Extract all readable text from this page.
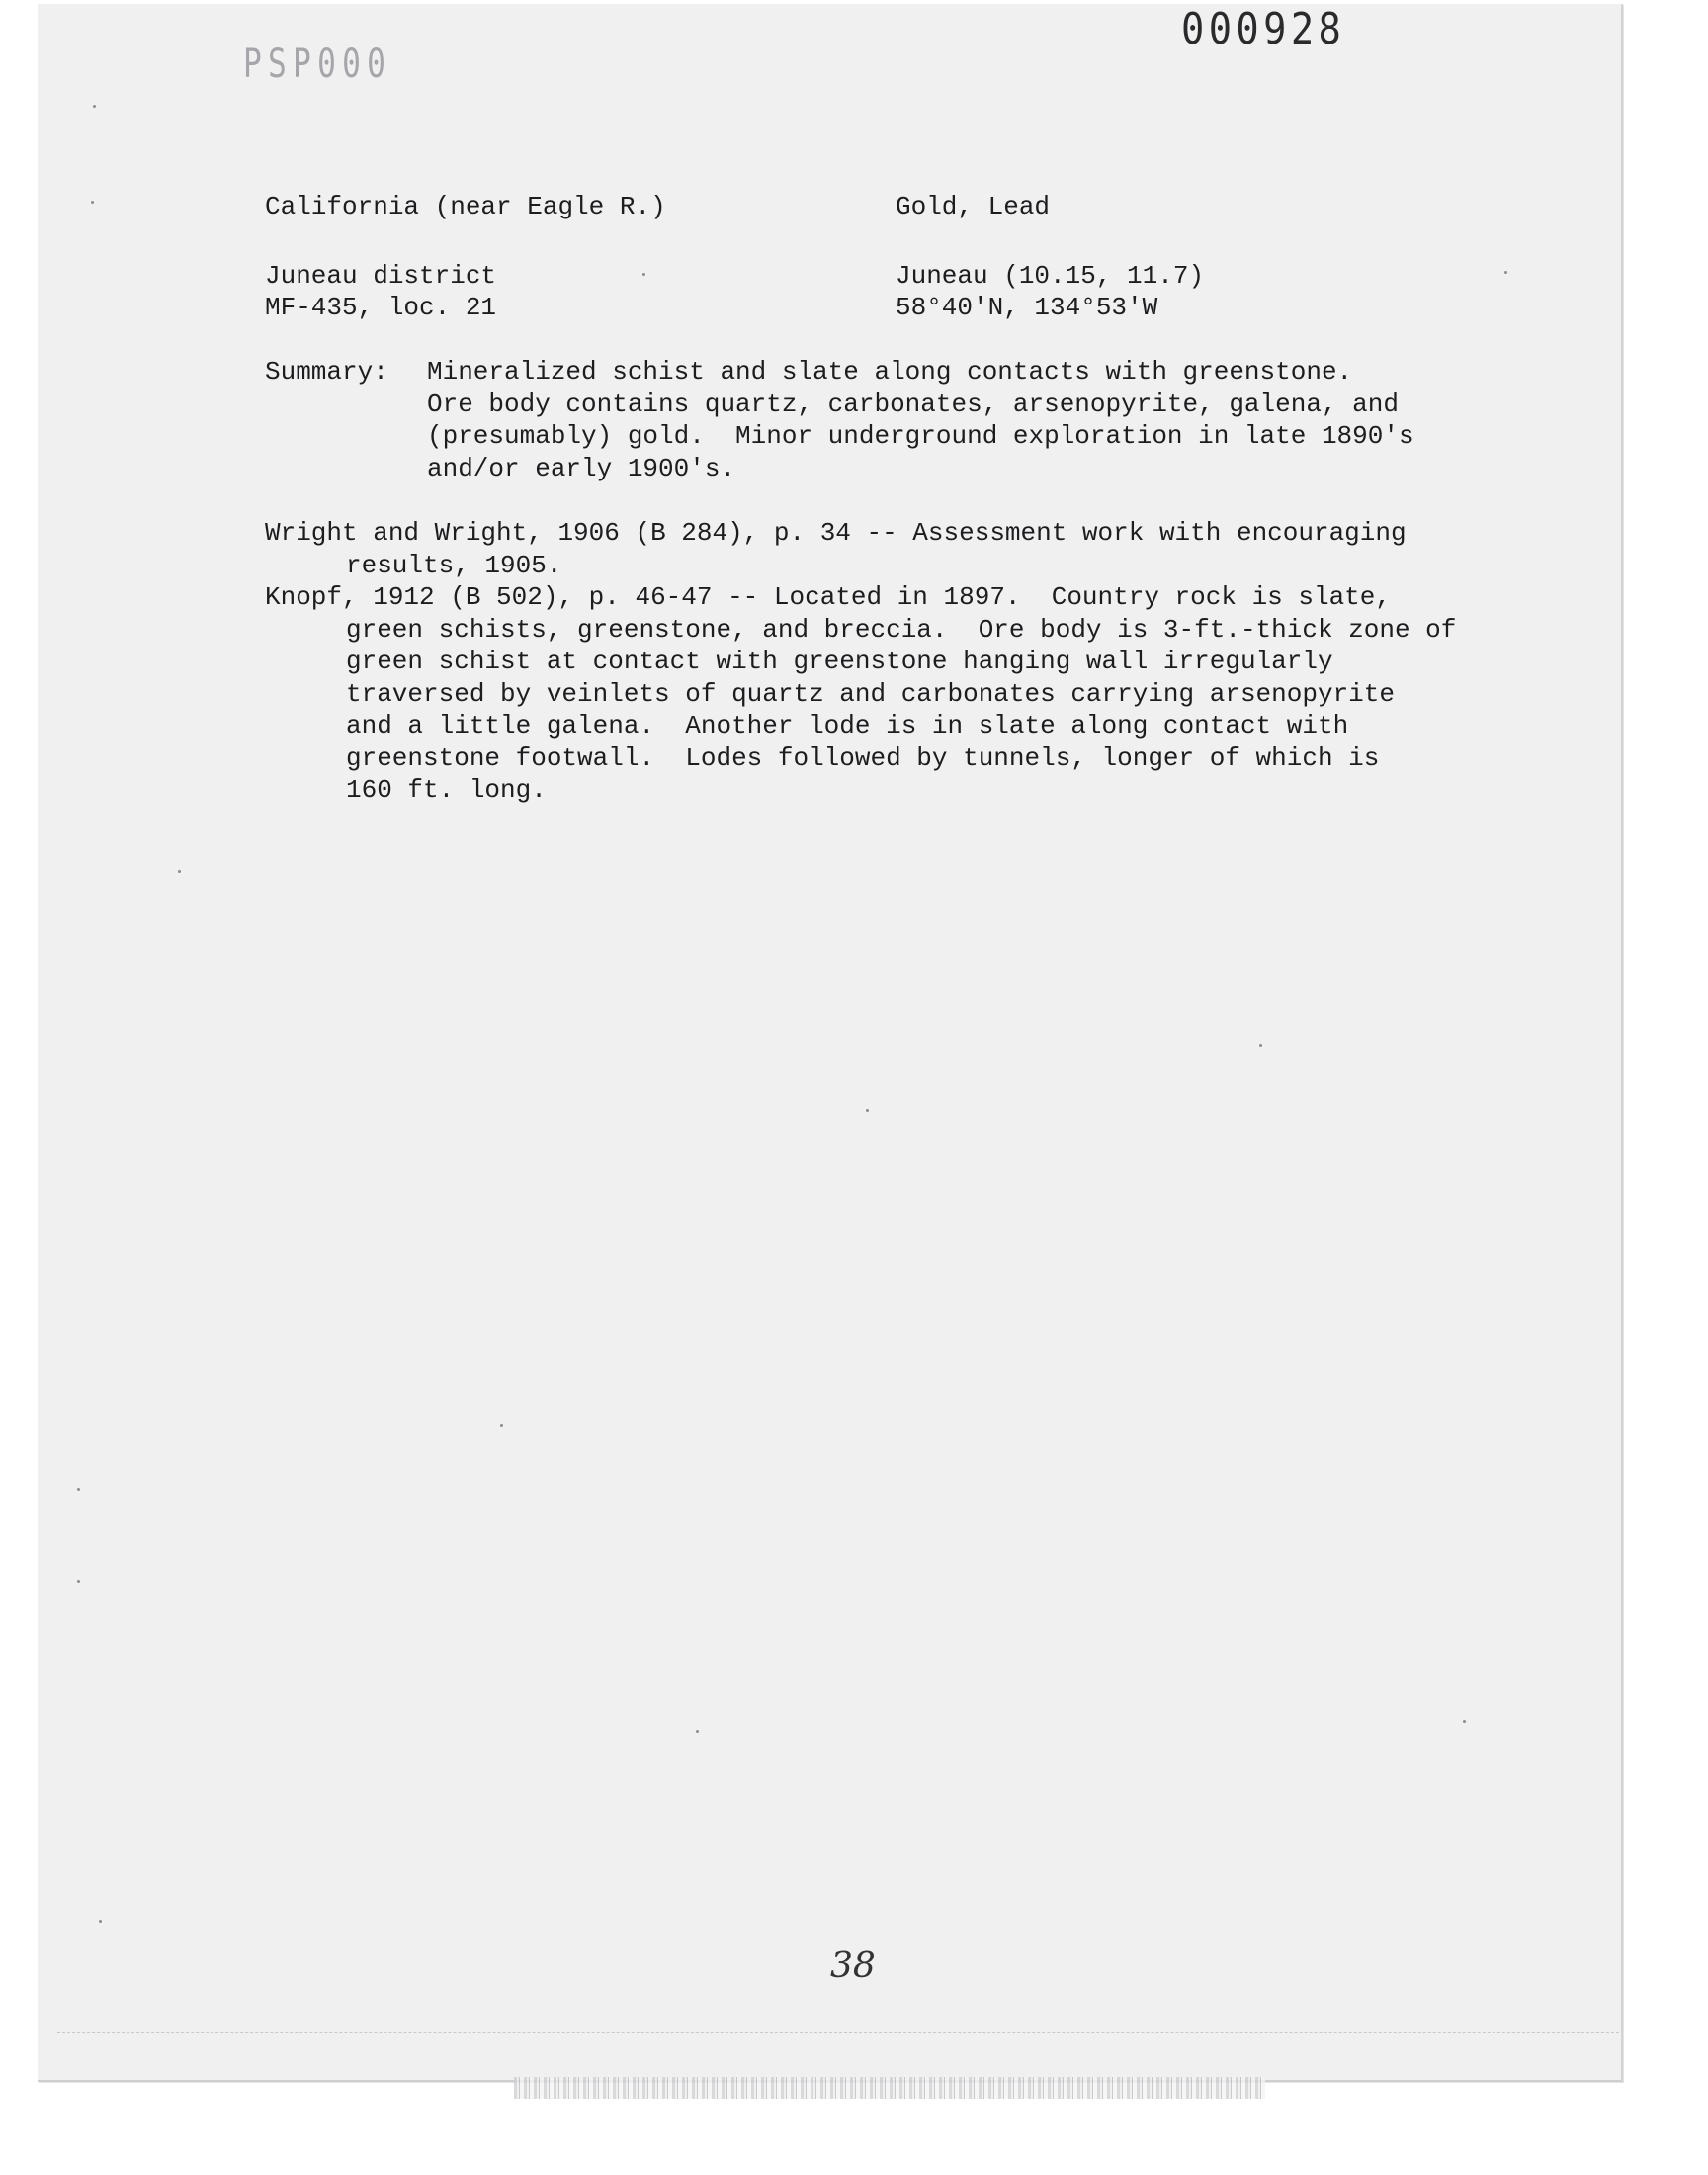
000928
PSP000
California (near Eagle R.)	Gold, Lead
Juneau district	Juneau (10.15, 11.7)
MF-435, loc. 21	58°40'N, 134°53'W
Summary: Mineralized schist and slate along contacts with greenstone.
Ore body contains quartz, carbonates, arsenopyrite, galena, and
(presumably) gold.  Minor underground exploration in late 1890's
and/or early 1900's.
Wright and Wright, 1906 (B 284), p. 34 -- Assessment work with encouraging
results, 1905.
Knopf, 1912 (B 502), p. 46-47 -- Located in 1897.  Country rock is slate,
green schists, greenstone, and breccia.  Ore body is 3-ft.-thick zone of
green schist at contact with greenstone hanging wall irregularly
traversed by veinlets of quartz and carbonates carrying arsenopyrite
and a little galena.  Another lode is in slate along contact with
greenstone footwall.  Lodes followed by tunnels, longer of which is
160 ft. long.
38
